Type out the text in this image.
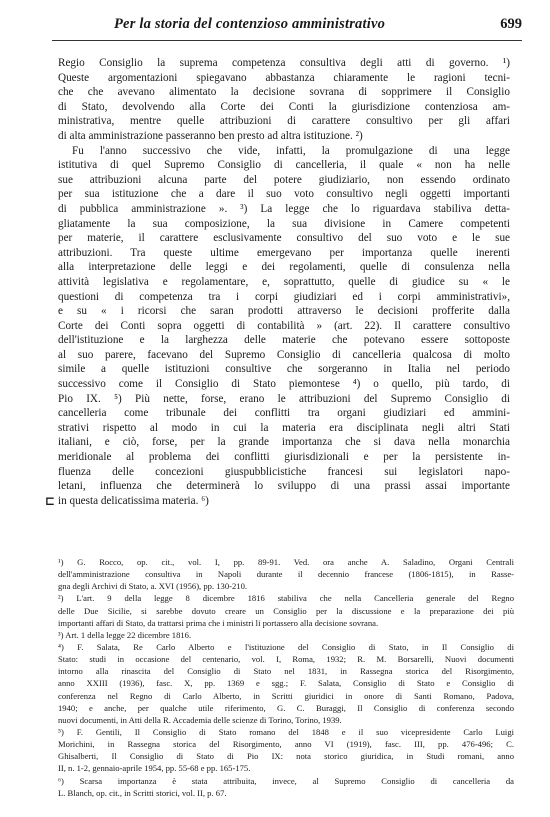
Per la storia del contenzioso amministrativo	699
Regio Consiglio la suprema competenza consultiva degli atti di governo. ¹)
Queste argomentazioni spiegavano abbastanza chiaramente le ragioni tecni-
che che avevano alimentato la decisione sovrana di sopprimere il Consiglio
di Stato, devolvendo alla Corte dei Conti la giurisdizione contenziosa am-
ministrativa, mentre quelle attribuzioni di carattere consultivo per gli affari
di alta amministrazione passeranno ben presto ad altra istituzione. ²)
Fu l'anno successivo che vide, infatti, la promulgazione di una legge
istitutiva di quel Supremo Consiglio di cancelleria, il quale « non ha nelle
sue attribuzioni alcuna parte del potere giudiziario, non essendo ordinato
per sua istituzione che a dare il suo voto consultivo negli oggetti importanti
di pubblica amministrazione ». ³) La legge che lo riguardava stabiliva detta-
gliatamente la sua composizione, la sua divisione in Camere competenti
per materie, il carattere esclusivamente consultivo del suo voto e le sue
attribuzioni. Tra queste ultime emergevano per importanza quelle inerenti
alla interpretazione delle leggi e dei regolamenti, quelle di consulenza nella
attività legislativa e regolamentare, e, soprattutto, quelle di giudice su « le
questioni di competenza tra i corpi giudiziari ed i corpi amministrativi»,
e su « i ricorsi che saran prodotti attraverso le decisioni profferite dalla
Corte dei Conti sopra oggetti di contabilità » (art. 22). Il carattere consultivo
dell'istituzione e la larghezza delle materie che potevano essere sottoposte
al suo parere, facevano del Supremo Consiglio di cancelleria qualcosa di molto
simile a quelle istituzioni consultive che sorgeranno in Italia nel periodo
successivo come il Consiglio di Stato piemontese ⁴) o quello, più tardo, di
Pio IX. ⁵) Più nette, forse, erano le attribuzioni del Supremo Consiglio di
cancelleria come tribunale dei conflitti tra organi giudiziari ed ammini-
strativi rispetto al modo in cui la materia era disciplinata negli altri Stati
italiani, e ciò, forse, per la grande importanza che si dava nella monarchia
meridionale al problema dei conflitti giurisdizionali e per la persistente in-
fluenza delle concezioni giuspubblicistiche francesi sui legislatori napo-
letani, influenza che determinerà lo sviluppo di una prassi assai importante
in questa delicatissima materia. ⁶)
⊏
¹) G. Rocco, op. cit., vol. I, pp. 89-91. Ved. ora anche A. Saladino, Organi Centrali
dell'amministrazione consultiva in Napoli durante il decennio francese (1806-1815), in Rasse-
gna degli Archivi di Stato, a. XVI (1956), pp. 130-210.
²) L'art. 9 della legge 8 dicembre 1816 stabiliva che nella Cancelleria generale del Regno
delle Due Sicilie, si sarebbe dovuto creare un Consiglio per la discussione e la preparazione dei più
importanti affari di Stato, da trattarsi prima che i ministri li portassero alla decisione sovrana.
³) Art. 1 della legge 22 dicembre 1816.
⁴) F. Salata, Re Carlo Alberto e l'istituzione del Consiglio di Stato, in Il Consiglio di
Stato: studi in occasione del centenario, vol. I, Roma, 1932; R. M. Borsarelli, Nuovi documenti
intorno alla rinascita del Consiglio di Stato nel 1831, in Rassegna storica del Risorgimento,
anno XXIII (1936), fasc. X, pp. 1369 e sgg.; F. Salata, Consiglio di Stato e Consiglio di
conferenza nel Regno di Carlo Alberto, in Scritti giuridici in onore di Santi Romano, Padova,
1940; e anche, per qualche utile riferimento, G. C. Buraggi, Il Consiglio di conferenza secondo
nuovi documenti, in Atti della R. Accademia delle scienze di Torino, Torino, 1939.
⁵) F. Gentili, Il Consiglio di Stato romano del 1848 e il suo vicepresidente Carlo Luigi
Morichini, in Rassegna storica del Risorgimento, anno VI (1919), fasc. III, pp. 476-496; C.
Ghisalberti, Il Consiglio di Stato di Pio IX: nota storico giuridica, in Studi romani, anno
II, n. 1-2, gennaio-aprile 1954, pp. 55-68 e pp. 165-175.
⁶) Scarsa importanza è stata attribuita, invece, al Supremo Consiglio di cancelleria da
L. Blanch, op. cit., in Scritti storici, vol. II, p. 67.
